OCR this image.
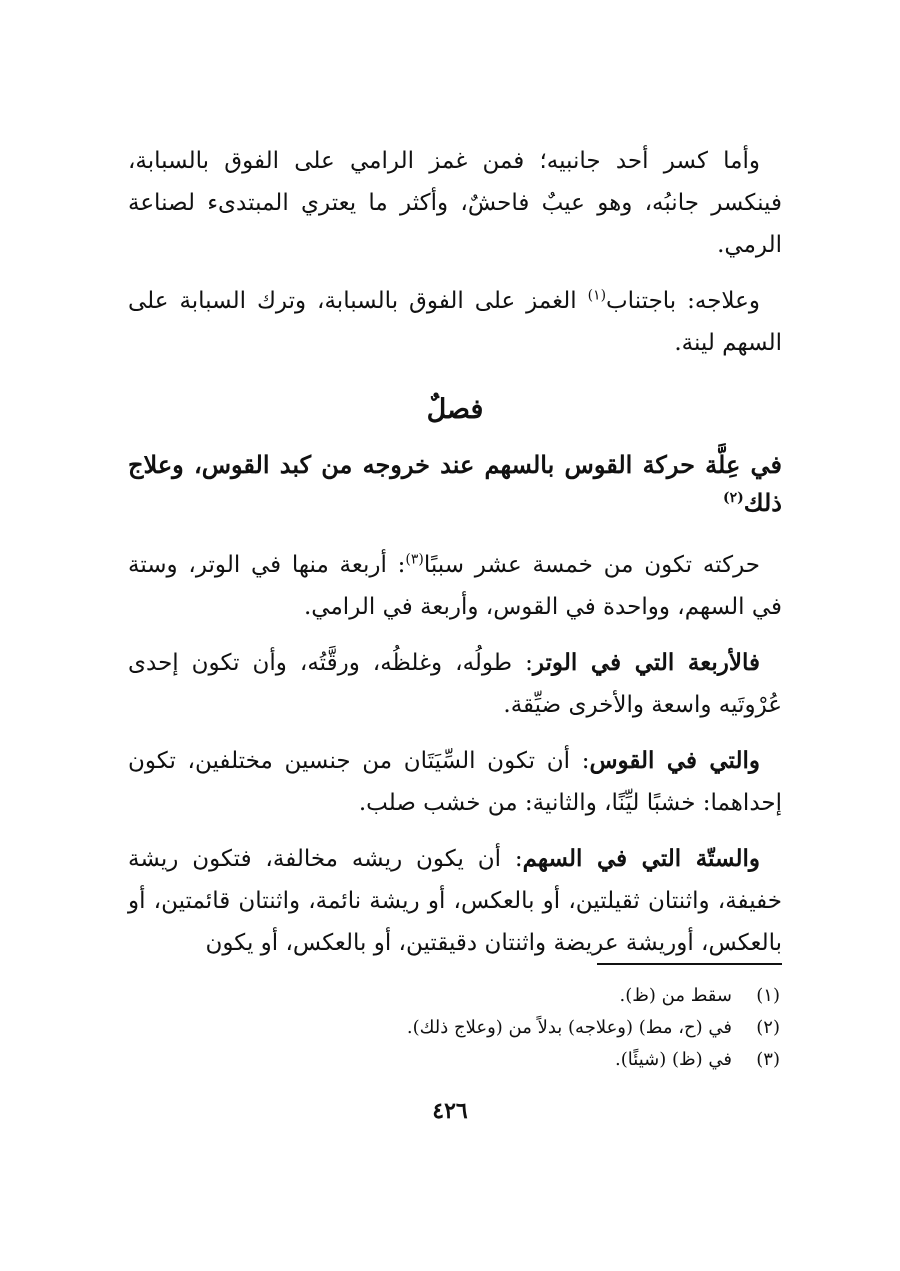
وأما كسر أحد جانبيه؛ فمن غمز الرامي على الفوق بالسبابة، فينكسر جانبُه، وهو عيبٌ فاحشٌ، وأكثر ما يعتري المبتدىء لصناعة الرمي.

وعلاجه: باجتناب$^{(١)}$ الغمز على الفوق بالسبابة، وترك السبابة على السهم لينة.

فصلٌ
في عِلَّة حركة القوس بالسهم عند خروجه من كبد القوس، وعلاج ذلك$^{(٢)}$

حركته تكون من خمسة عشر سببًا$^{(٣)}$: أربعة منها في الوتر، وستة في السهم، وواحدة في القوس، وأربعة في الرامي.

فالأربعة التي في الوتر: طولُه، وغلظُه، ورقَّتُه، وأن تكون إحدى عُرْوتَيه واسعة والأخرى ضيِّقة.

والتي في القوس: أن تكون السِّيَتَان من جنسين مختلفين، تكون إحداهما: خشبًا ليِّنًا، والثانية: من خشب صلب.

والستّة التي في السهم: أن يكون ريشه مخالفة، فتكون ريشة خفيفة، واثنتان ثقيلتين، أو بالعكس، أو ريشة نائمة، واثنتان قائمتين، أو بالعكس، أوريشة عريضة واثنتان دقيقتين، أو بالعكس، أو يكون

(١)
سقط من (ظ).
(٢)
في (ح، مط) (وعلاجه) بدلاً من (وعلاج ذلك).
(٣)
في (ظ) (شيئًا).
٤٢٦
